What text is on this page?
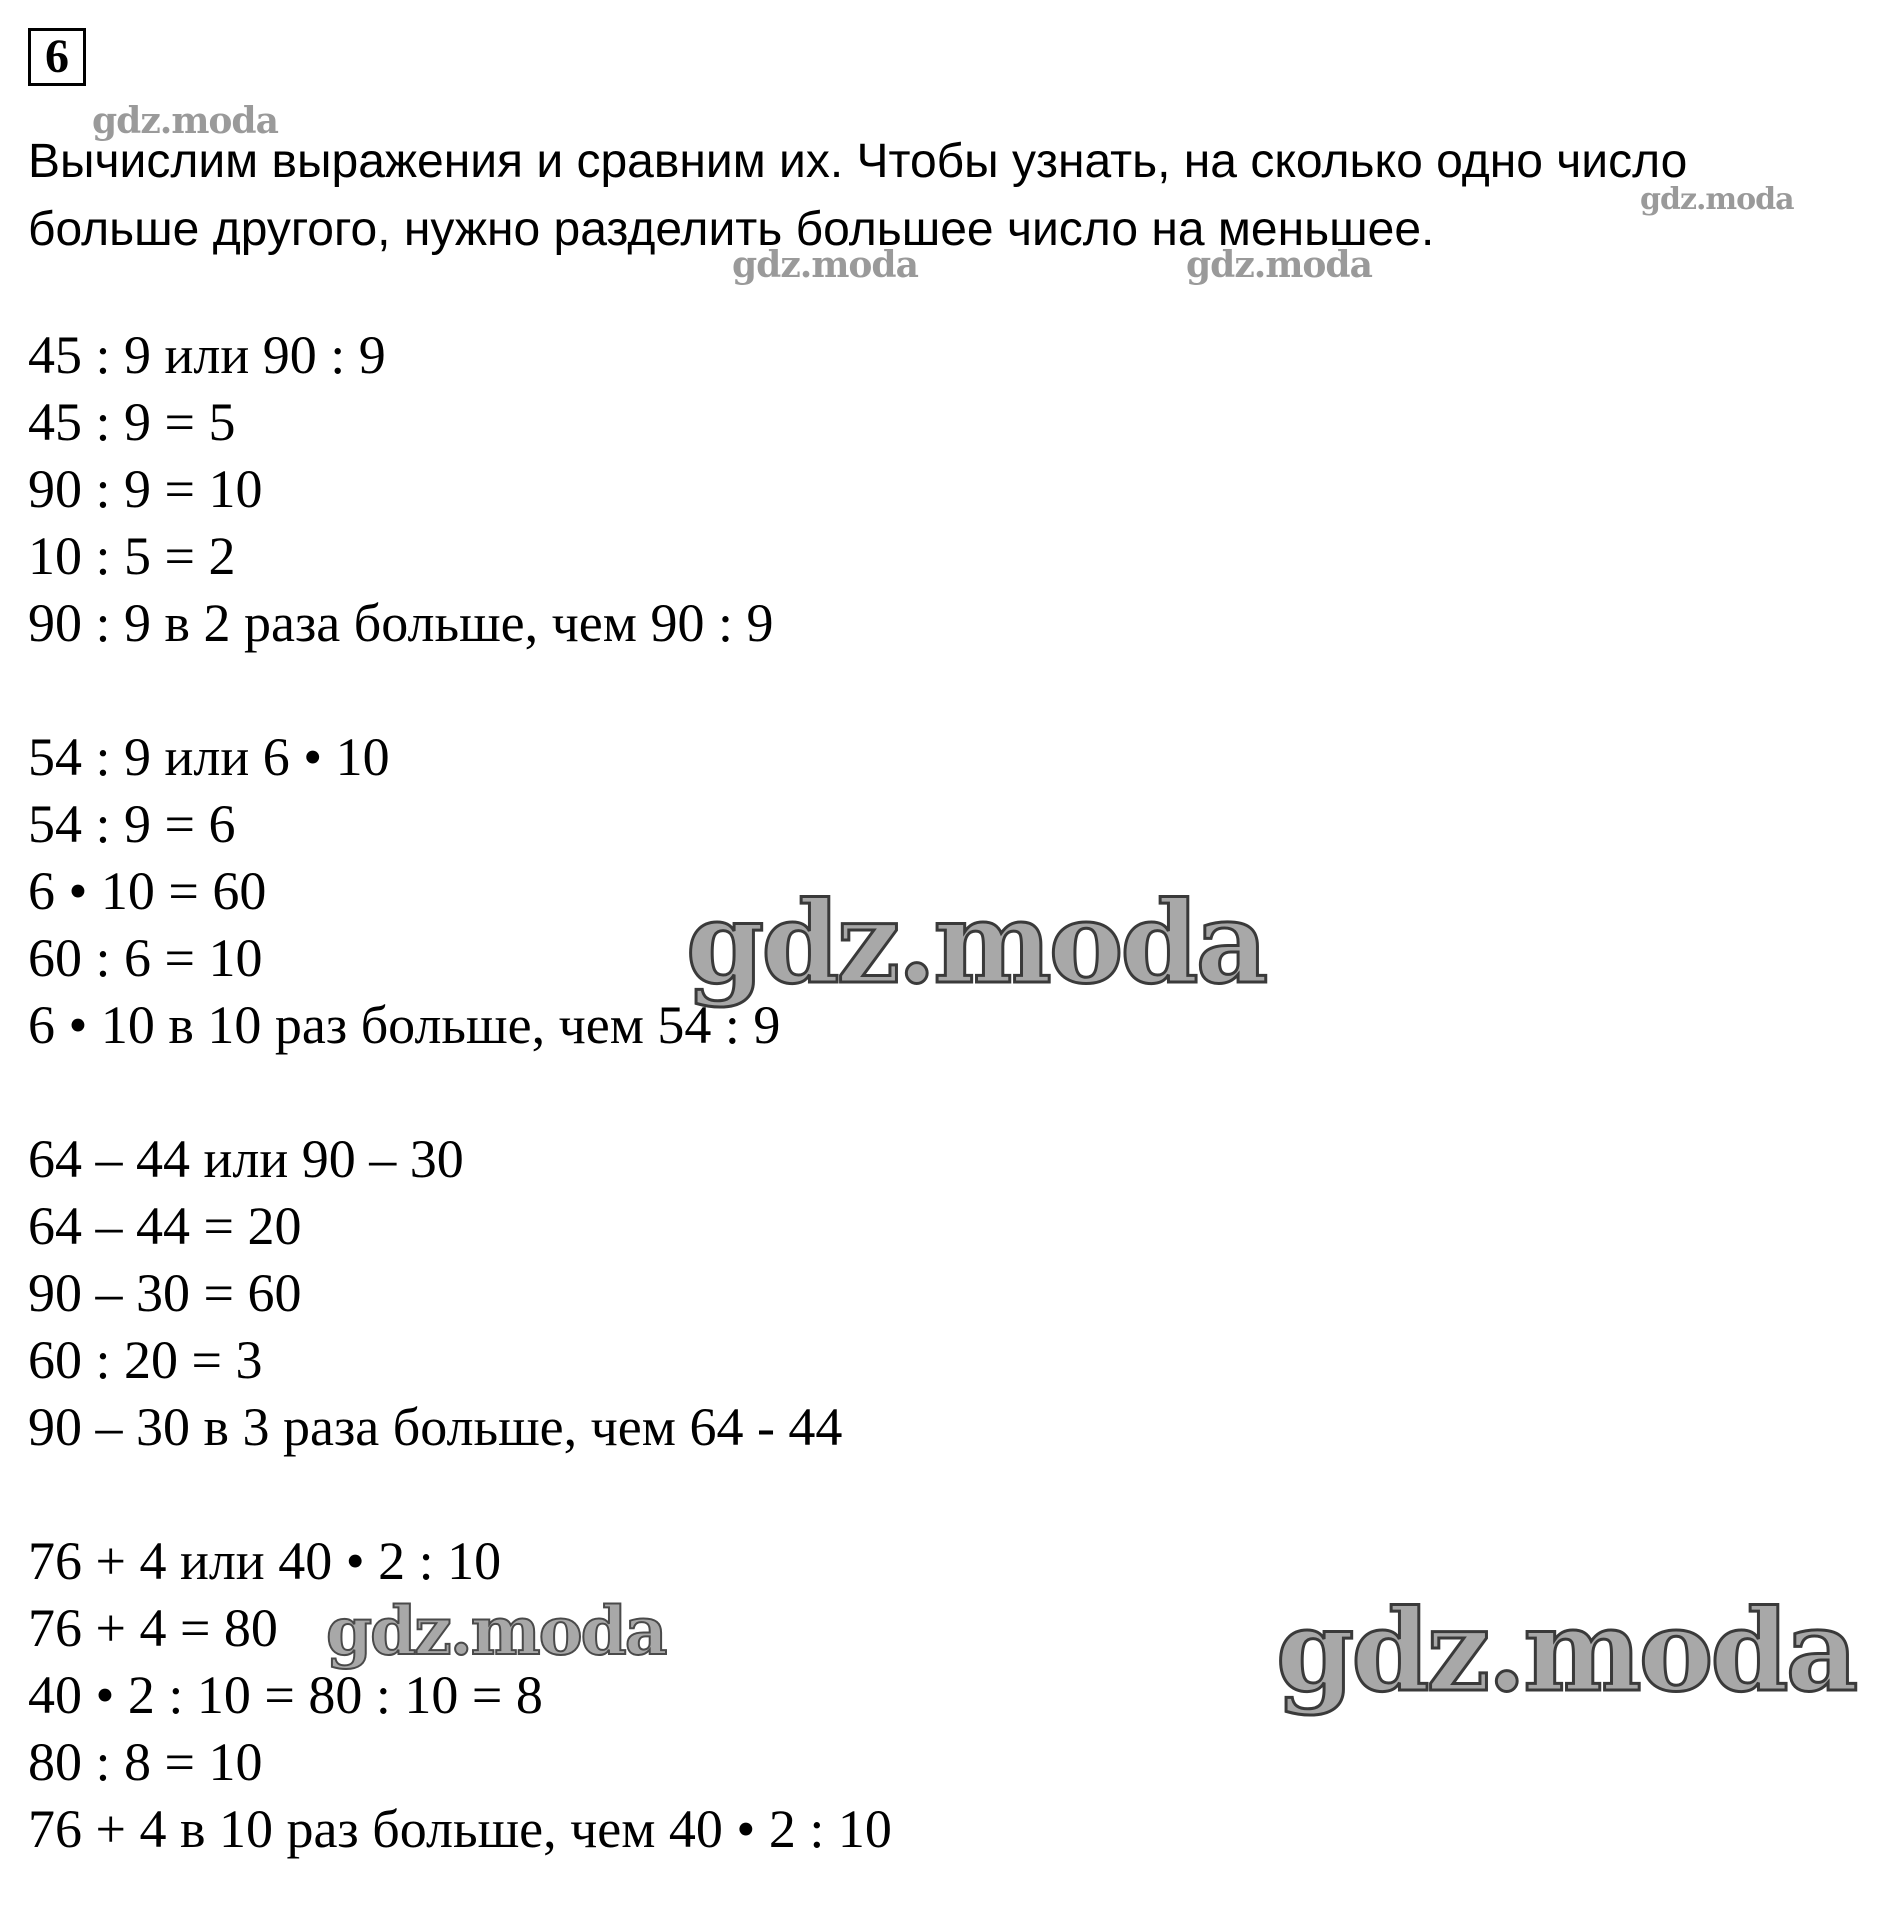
6
Вычислим выражения и сравним их. Чтобы узнать, на сколько одно число
больше другого, нужно разделить большее число на меньшее.
45 : 9 или 90 : 9
45 : 9 = 5
90 : 9 = 10
10 : 5 = 2
90 : 9 в 2 раза больше, чем 90 : 9
54 : 9 или 6 • 10
54 : 9 = 6
6 • 10 = 60
60 : 6 = 10
6 • 10 в 10 раз больше, чем 54 : 9
64 – 44 или 90 – 30
64 – 44 = 20
90 – 30 = 60
60 : 20 = 3
90 – 30 в 3 раза больше, чем 64 - 44
76 + 4 или 40 • 2 : 10
76 + 4 = 80
40 • 2 : 10 = 80 : 10 = 8
80 : 8 = 10
76 + 4 в 10 раз больше, чем 40 • 2 : 10
gdz.moda
gdz.moda
gdz.moda	gdz.moda
gdz.moda
gdz.moda	gdz.moda
